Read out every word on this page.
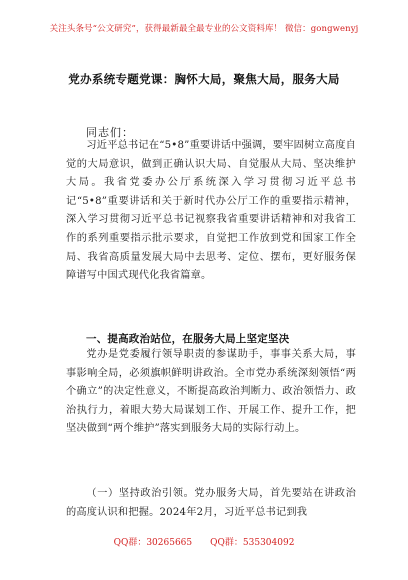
关注头条号“公文研究”，获得最新最全最专业的公文资料库！ 微信：gongwenyj
党办系统专题党课：胸怀大局，聚焦大局，服务大局
同志们：

习近平总书记在“5•8”重要讲话中强调，要牢固树立高度自觉的大局意识，做到正确认识大局、自觉服从大局、坚决维护大局。我省党委办公厅系统深入学习贯彻习近平总书记“5•8”重要讲话和关于新时代办公厅工作的重要指示精神，深入学习贯彻习近平总书记视察我省重要讲话精神和对我省工作的系列重要指示批示要求，自觉把工作放到党和国家工作全局、我省高质量发展大局中去思考、定位、摆布，更好服务保障谱写中国式现代化我省篇章。

一、提高政治站位，在服务大局上坚定坚决

党办是党委履行领导职责的参谋助手，事事关系大局，事事影响全局，必须旗帜鲜明讲政治。全市党办系统深刻领悟“两个确立”的决定性意义，不断提高政治判断力、政治领悟力、政治执行力，着眼大势大局谋划工作、开展工作、提升工作，把坚决做到“两个维护”落实到服务大局的实际行动上。

（一）坚持政治引领。党办服务大局，首先要站在讲政治的高度认识和把握。2024年2月，习近平总书记到我

QQ群：30265665 QQ群：535304092
